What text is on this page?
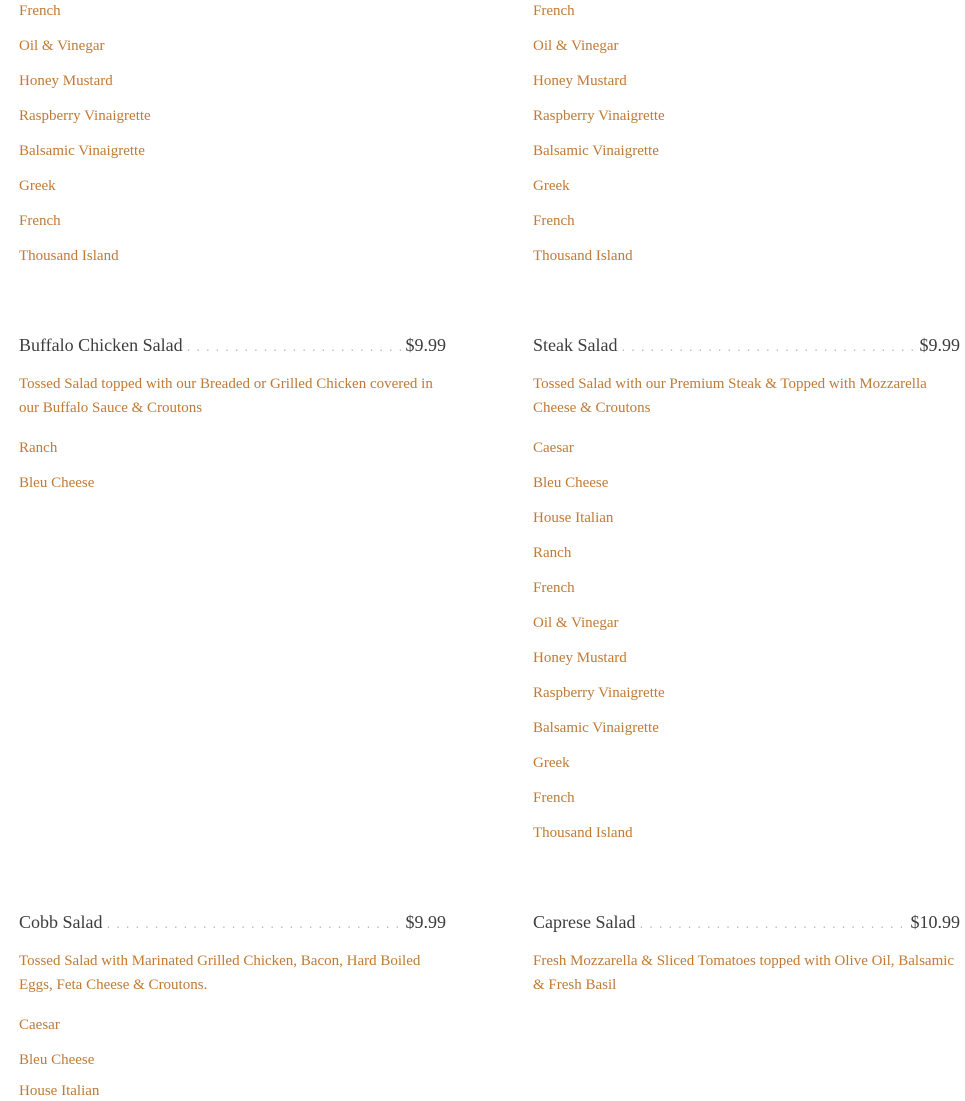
French
Oil & Vinegar
Honey Mustard
Raspberry Vinaigrette
Balsamic Vinaigrette
Greek
French
Thousand Island
Buffalo Chicken Salad . . .	$9.99
Tossed Salad topped with our Breaded or Grilled Chicken covered in our Buffalo Sauce & Croutons
Ranch
Bleu Cheese
Cobb Salad . . .	$9.99
Tossed Salad with Marinated Grilled Chicken, Bacon, Hard Boiled Eggs, Feta Cheese & Croutons.
Caesar
Bleu Cheese
House Italian
French
Oil & Vinegar
Honey Mustard
Raspberry Vinaigrette
Balsamic Vinaigrette
Greek
French
Thousand Island
Steak Salad . . .	$9.99
Tossed Salad with our Premium Steak & Topped with Mozzarella Cheese & Croutons
Caesar
Bleu Cheese
House Italian
Ranch
French
Oil & Vinegar
Honey Mustard
Raspberry Vinaigrette
Balsamic Vinaigrette
Greek
French
Thousand Island
Caprese Salad . . .	$10.99
Fresh Mozzarella & Sliced Tomatoes topped with Olive Oil, Balsamic & Fresh Basil
